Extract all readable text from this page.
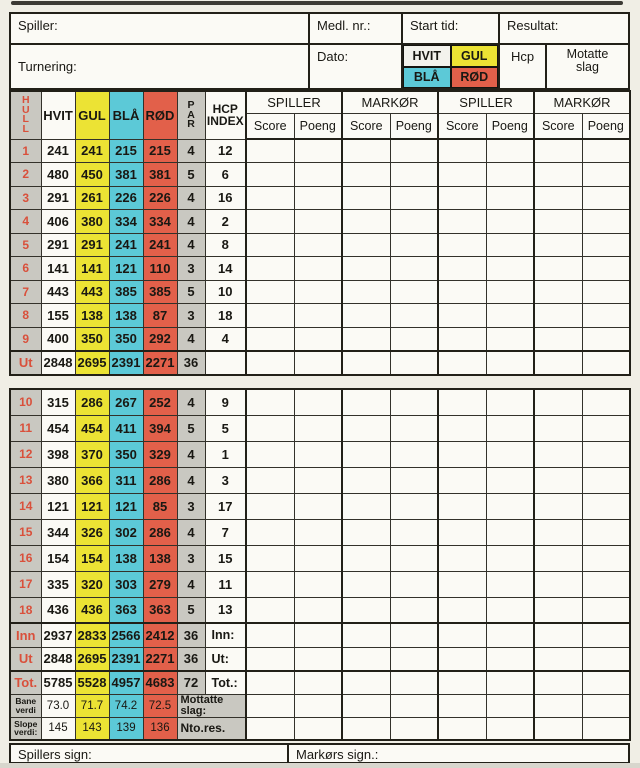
Spiller:	Medl. nr.:	Start tid:	Resultat:
Turnering:
Dato:	HVIT	GUL
BLÅ	RØD
Hcp	Motatte
slag
HULL	HVIT	GUL	BLÅ	RØD	PAR	HCP
INDEX	SPILLER		MARKØR		SPILLER		MARKØR	
							Score	Poeng	Score	Poeng	Score	Poeng	Score	Poeng
1	241	241	215	215	4	12								
2	480	450	381	381	5	6								
3	291	261	226	226	4	16								
4	406	380	334	334	4	2								
5	291	291	241	241	4	8								
6	141	141	121	110	3	14								
7	443	443	385	385	5	10								
8	155	138	138	87	3	18								
9	400	350	350	292	4	4								
Ut	2848	2695	2391	2271	36									
10	315	286	267	252	4	9								
11	454	454	411	394	5	5								
12	398	370	350	329	4	1								
13	380	366	311	286	4	3								
14	121	121	121	85	3	17								
15	344	326	302	286	4	7								
16	154	154	138	138	3	15								
17	335	320	303	279	4	11								
18	436	436	363	363	5	13								
Inn	2937	2833	2566	2412	36	Inn:								
Ut	2848	2695	2391	2271	36	Ut:								
Tot.	5785	5528	4957	4683	72	Tot.:								

Bane
verdi	73.0	71.7	74.2	72.5	Mottatte
slag:

Slope
verdi:	145	143	139	136	Nto.res.									
Spillers sign:	Markørs sign.:
